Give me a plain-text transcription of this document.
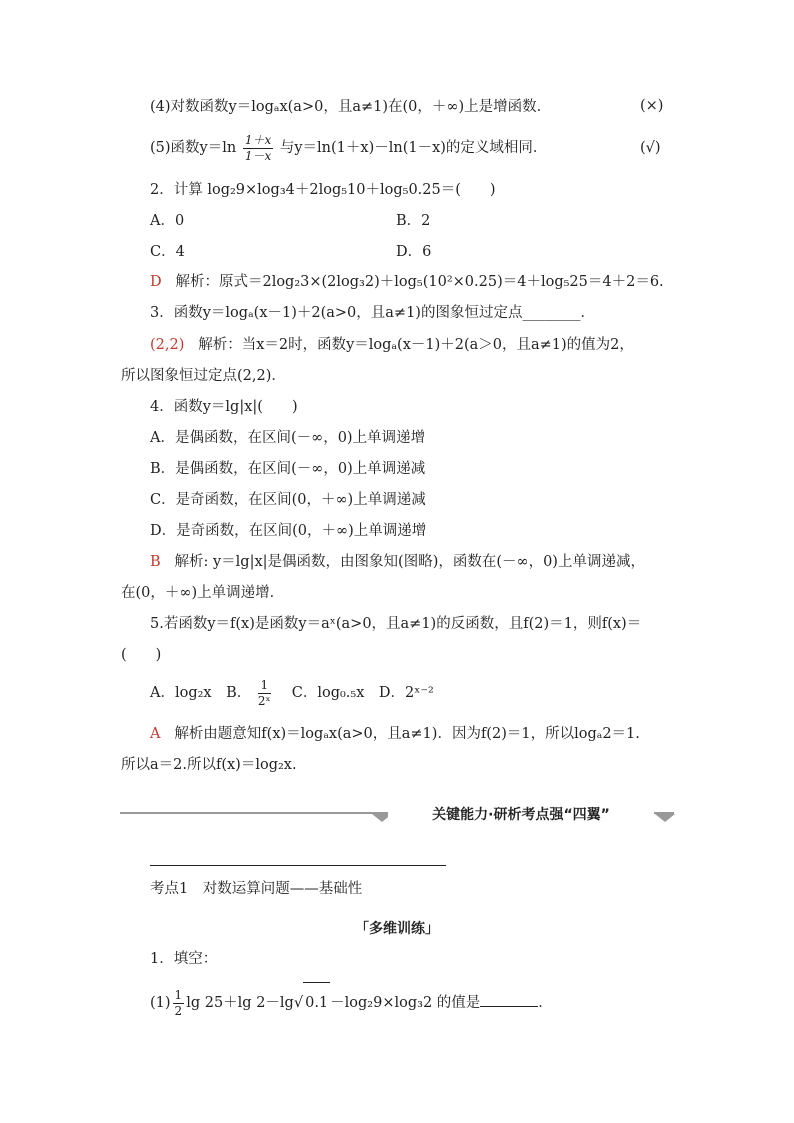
(4)对数函数y＝logₐx(a>0，且a≠1)在(0，＋∞)上是增函数．	(×)
(5)函数$y=\ln \frac{1+x}{1-x}$ 与y＝ln(1＋x)－ln(1－x)的定义域相同．	(√)
2．计算 log₂9×log₃4＋2log₅10＋log₅0.25＝(　　)
A．0	B．2
C．4	D．6
D 解析：原式＝2log₂3×(2log₃2)＋log₅(10²×0.25)＝4＋log₅25＝4＋2＝6.
3．函数y＝logₐ(x－1)＋2(a>0，且a≠1)的图象恒过定点________．
(2,2) 解析：当x＝2时，函数y＝logₐ(x－1)＋2(a＞0，且a≠1)的值为2，
所以图象恒过定点(2,2)．
4．函数y＝lg|x|(　　)
A．是偶函数，在区间(－∞，0)上单调递增
B．是偶函数，在区间(－∞，0)上单调递减
C．是奇函数，在区间(0，＋∞)上单调递减
D．是奇函数，在区间(0，＋∞)上单调递增
B 解析: y＝lg|x|是偶函数，由图象知(图略)，函数在(－∞，0)上单调递减，
在(0，＋∞)上单调递增．
5.若函数y＝f(x)是函数y＝aˣ(a>0，且a≠1)的反函数，且f(2)＝1，则f(x)＝
(　　)
A．log₂x　B． $\frac{1}{\text{2ˣ}}$ 　C．log₀.₅x　D．2ˣ⁻²
A 解析由题意知f(x)＝logₐx(a>0，且a≠1)．因为f(2)＝1，所以logₐ2＝1.
所以a＝2.所以f(x)＝log₂x.
关键能力·研析考点强“四翼”
考点1　对数运算问题——基础性
「多维训练」
1．填空：
$(1) \frac{1}{2}$ lg 25＋lg 2－lg√ 0.1 －log₂9×log₃2 的值是	．
